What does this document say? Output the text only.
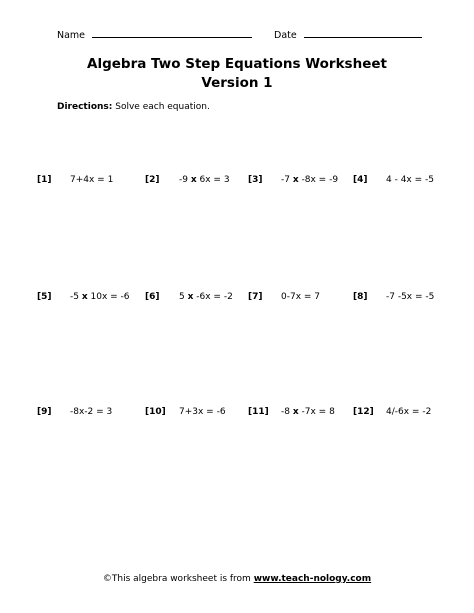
Name	Date
Algebra Two Step Equations Worksheet
Version 1
Directions: Solve each equation.
[1] 7+4x = 1	[2] -9 x 6x = 3 [3] -7 x -8x = -9 [4] 4 - 4x = -5
[5] -5 x 10x = -6 [6] 5 x -6x = -2 [7] 0-7x = 7	[8] -7 -5x = -5
[9] -8x-2 = 3	[10] 7+3x = -6 [11] -8 x -7x = 8 [12] 4/-6x = -2
©This algebra worksheet is from www.teach-nology.com
